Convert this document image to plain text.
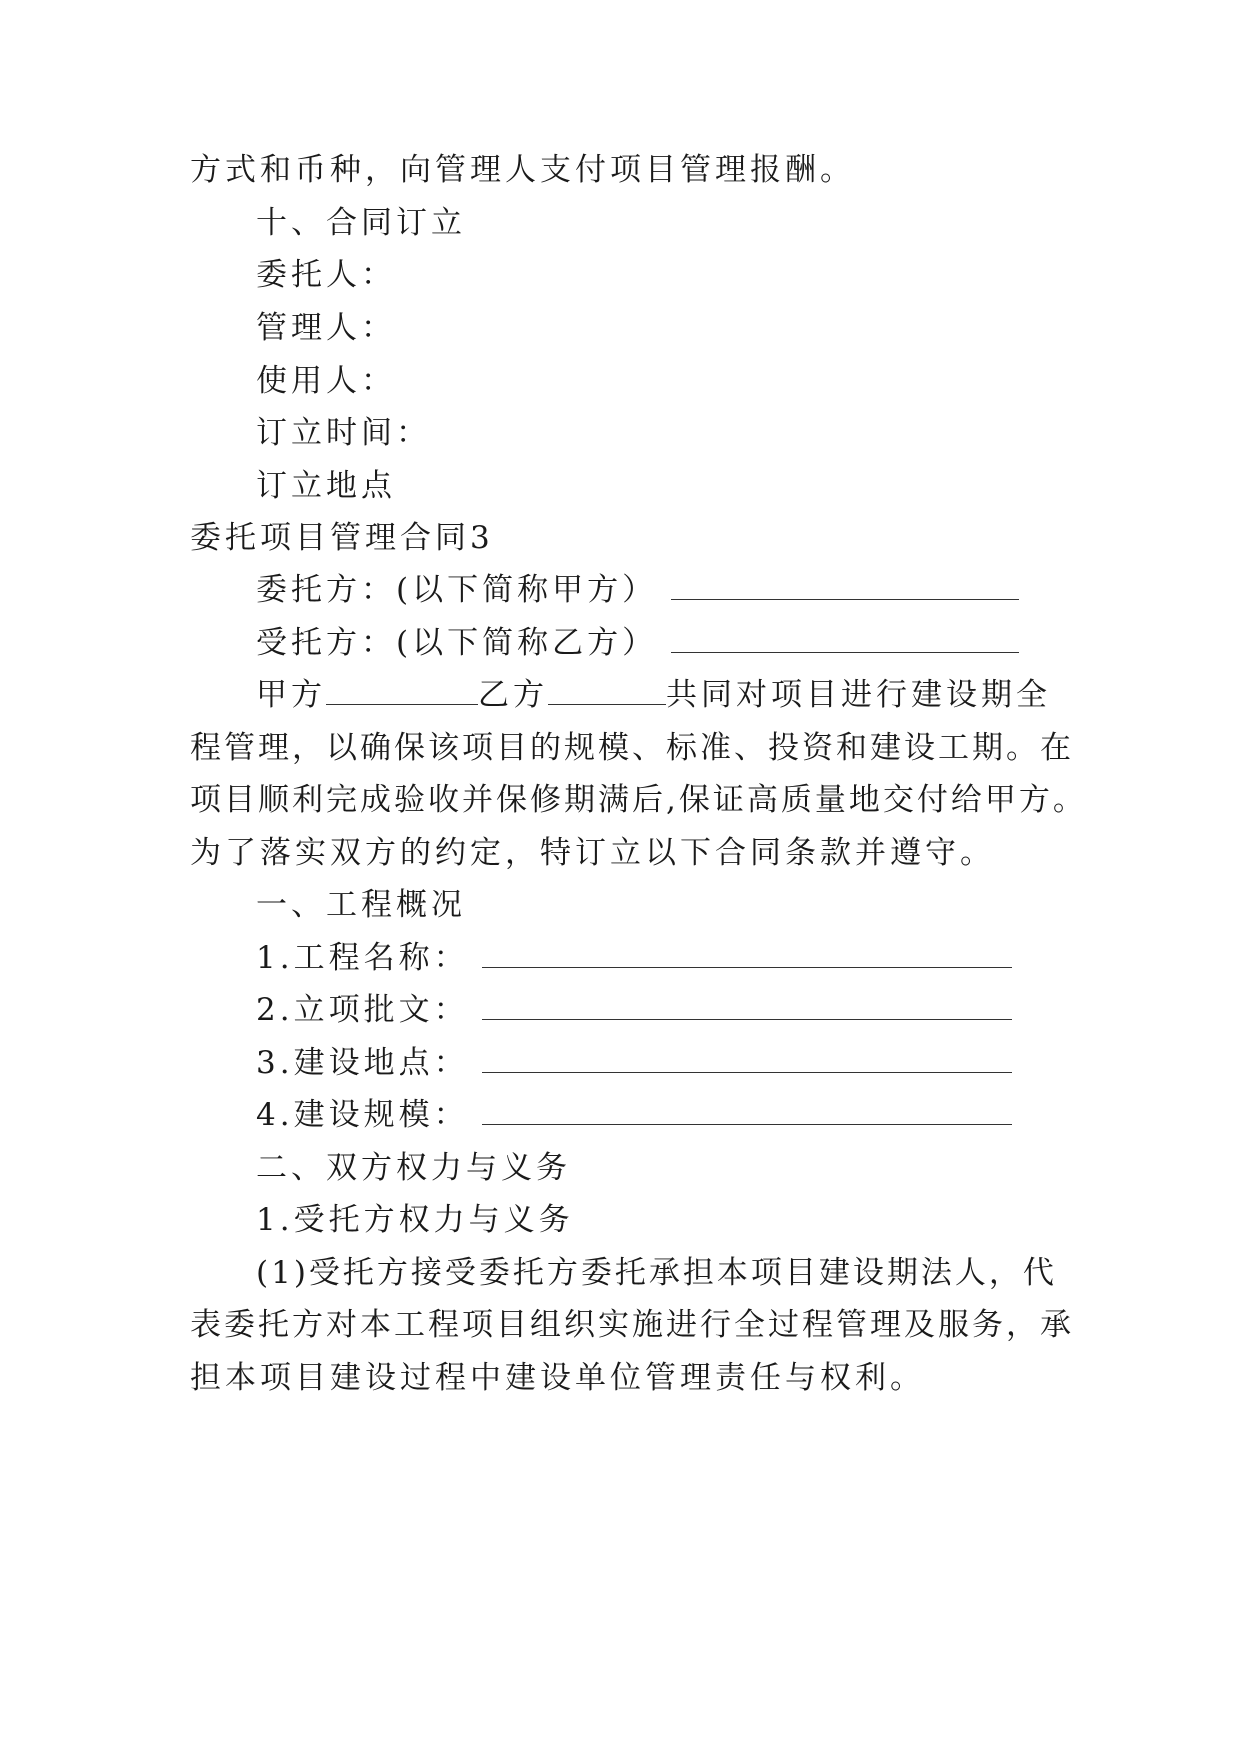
方式和币种，向管理人支付项目管理报酬。
十、合同订立
委托人：
管理人：
使用人：
订立时间：
订立地点
委托项目管理合同3
委托方：(以下简称甲方）
受托方：(以下简称乙方）
甲方	乙方	共同对项目进行建设期全
程管理，以确保该项目的规模、标准、投资和建设工期。在
项目顺利完成验收并保修期满后,保证高质量地交付给甲方。
为了落实双方的约定，特订立以下合同条款并遵守。
一、工程概况
1.工程名称：
2.立项批文：
3.建设地点：
4.建设规模：
二、双方权力与义务
1.受托方权力与义务
(1)受托方接受委托方委托承担本项目建设期法人，代
表委托方对本工程项目组织实施进行全过程管理及服务，承
担本项目建设过程中建设单位管理责任与权利。
